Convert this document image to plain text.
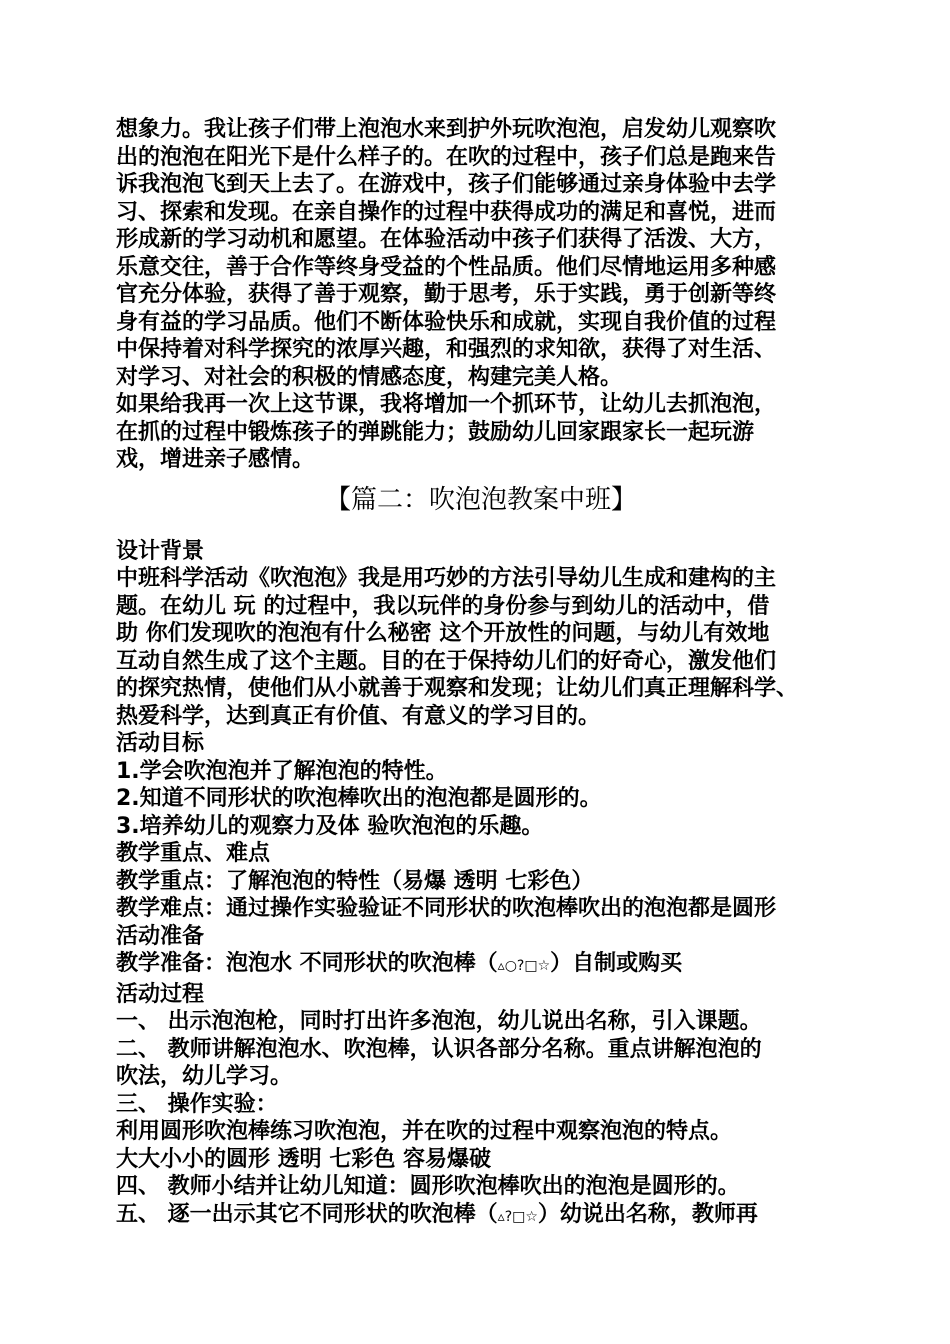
想象力。我让孩子们带上泡泡水来到护外玩吹泡泡，启发幼儿观察吹
出的泡泡在阳光下是什么样子的。在吹的过程中，孩子们总是跑来告
诉我泡泡飞到天上去了。在游戏中，孩子们能够通过亲身体验中去学
习、探索和发现。在亲自操作的过程中获得成功的满足和喜悦，进而
形成新的学习动机和愿望。在体验活动中孩子们获得了活泼、大方，
乐意交往，善于合作等终身受益的个性品质。他们尽情地运用多种感
官充分体验，获得了善于观察，勤于思考，乐于实践，勇于创新等终
身有益的学习品质。他们不断体验快乐和成就，实现自我价值的过程
中保持着对科学探究的浓厚兴趣，和强烈的求知欲，获得了对生活、
对学习、对社会的积极的情感态度，构建完美人格。
如果给我再一次上这节课，我将增加一个抓环节，让幼儿去抓泡泡，
在抓的过程中锻炼孩子的弹跳能力；鼓励幼儿回家跟家长一起玩游
戏，增进亲子感情。
【篇二：吹泡泡教案中班】
设计背景
中班科学活动《吹泡泡》我是用巧妙的方法引导幼儿生成和建构的主
题。在幼儿 玩 的过程中，我以玩伴的身份参与到幼儿的活动中，借
助 你们发现吹的泡泡有什么秘密 这个开放性的问题，与幼儿有效地
互动自然生成了这个主题。目的在于保持幼儿们的好奇心，激发他们
的探究热情，使他们从小就善于观察和发现；让幼儿们真正理解科学、
热爱科学，达到真正有价值、有意义的学习目的。
活动目标
1.学会吹泡泡并了解泡泡的特性。
2.知道不同形状的吹泡棒吹出的泡泡都是圆形的。
3.培养幼儿的观察力及体 验吹泡泡的乐趣。
教学重点、难点
教学重点：了解泡泡的特性（易爆 透明 七彩色）
教学难点：通过操作实验验证不同形状的吹泡棒吹出的泡泡都是圆形
活动准备
教学准备：泡泡水 不同形状的吹泡棒（▵○?□☆）自制或购买
活动过程
一、 出示泡泡枪，同时打出许多泡泡，幼儿说出名称，引入课题。
二、 教师讲解泡泡水、吹泡棒，认识各部分名称。重点讲解泡泡的
吹法，幼儿学习。
三、 操作实验：
利用圆形吹泡棒练习吹泡泡，并在吹的过程中观察泡泡的特点。
大大小小的圆形 透明 七彩色 容易爆破
四、 教师小结并让幼儿知道：圆形吹泡棒吹出的泡泡是圆形的。
五、 逐一出示其它不同形状的吹泡棒（▵?□☆）幼说出名称，教师再
